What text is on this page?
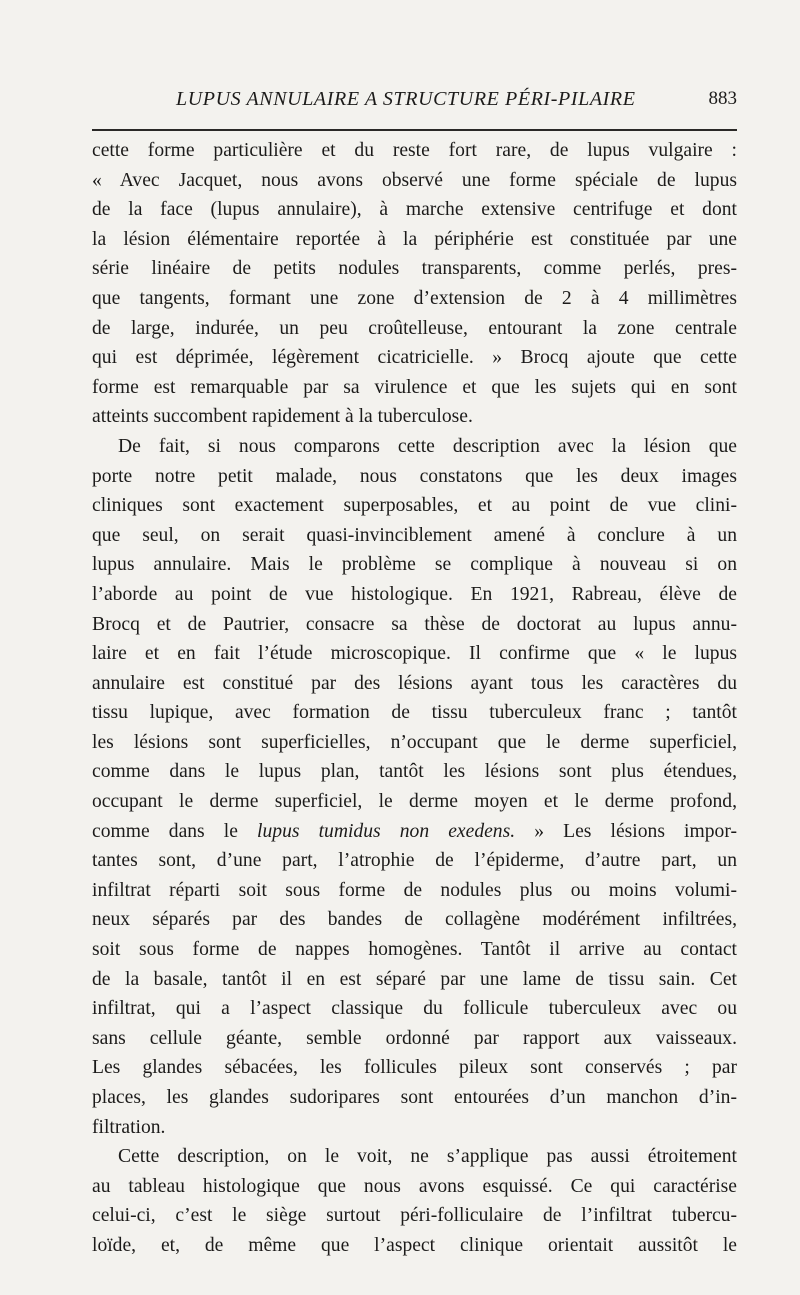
LUPUS ANNULAIRE A STRUCTURE PÉRI-PILAIRE	883
cette forme particulière et du reste fort rare, de lupus vulgaire :
« Avec Jacquet, nous avons observé une forme spéciale de lupus
de la face (lupus annulaire), à marche extensive centrifuge et dont
la lésion élémentaire reportée à la périphérie est constituée par une
série linéaire de petits nodules transparents, comme perlés, pres-
que tangents, formant une zone d’extension de 2 à 4 millimètres
de large, indurée, un peu croûtelleuse, entourant la zone centrale
qui est déprimée, légèrement cicatricielle. » Brocq ajoute que cette
forme est remarquable par sa virulence et que les sujets qui en sont
atteints succombent rapidement à la tuberculose.
De fait, si nous comparons cette description avec la lésion que
porte notre petit malade, nous constatons que les deux images
cliniques sont exactement superposables, et au point de vue clini-
que seul, on serait quasi-invinciblement amené à conclure à un
lupus annulaire. Mais le problème se complique à nouveau si on
l’aborde au point de vue histologique. En 1921, Rabreau, élève de
Brocq et de Pautrier, consacre sa thèse de doctorat au lupus annu-
laire et en fait l’étude microscopique. Il confirme que « le lupus
annulaire est constitué par des lésions ayant tous les caractères du
tissu lupique, avec formation de tissu tuberculeux franc ; tantôt
les lésions sont superficielles, n’occupant que le derme superficiel,
comme dans le lupus plan, tantôt les lésions sont plus étendues,
occupant le derme superficiel, le derme moyen et le derme profond,
comme dans le lupus tumidus non exedens. » Les lésions impor-
tantes sont, d’une part, l’atrophie de l’épiderme, d’autre part, un
infiltrat réparti soit sous forme de nodules plus ou moins volumi-
neux séparés par des bandes de collagène modérément infiltrées,
soit sous forme de nappes homogènes. Tantôt il arrive au contact
de la basale, tantôt il en est séparé par une lame de tissu sain. Cet
infiltrat, qui a l’aspect classique du follicule tuberculeux avec ou
sans cellule géante, semble ordonné par rapport aux vaisseaux.
Les glandes sébacées, les follicules pileux sont conservés ; par
places, les glandes sudoripares sont entourées d’un manchon d’in-
filtration.
Cette description, on le voit, ne s’applique pas aussi étroitement
au tableau histologique que nous avons esquissé. Ce qui caractérise
celui-ci, c’est le siège surtout péri-folliculaire de l’infiltrat tubercu-
loïde, et, de même que l’aspect clinique orientait aussitôt le
